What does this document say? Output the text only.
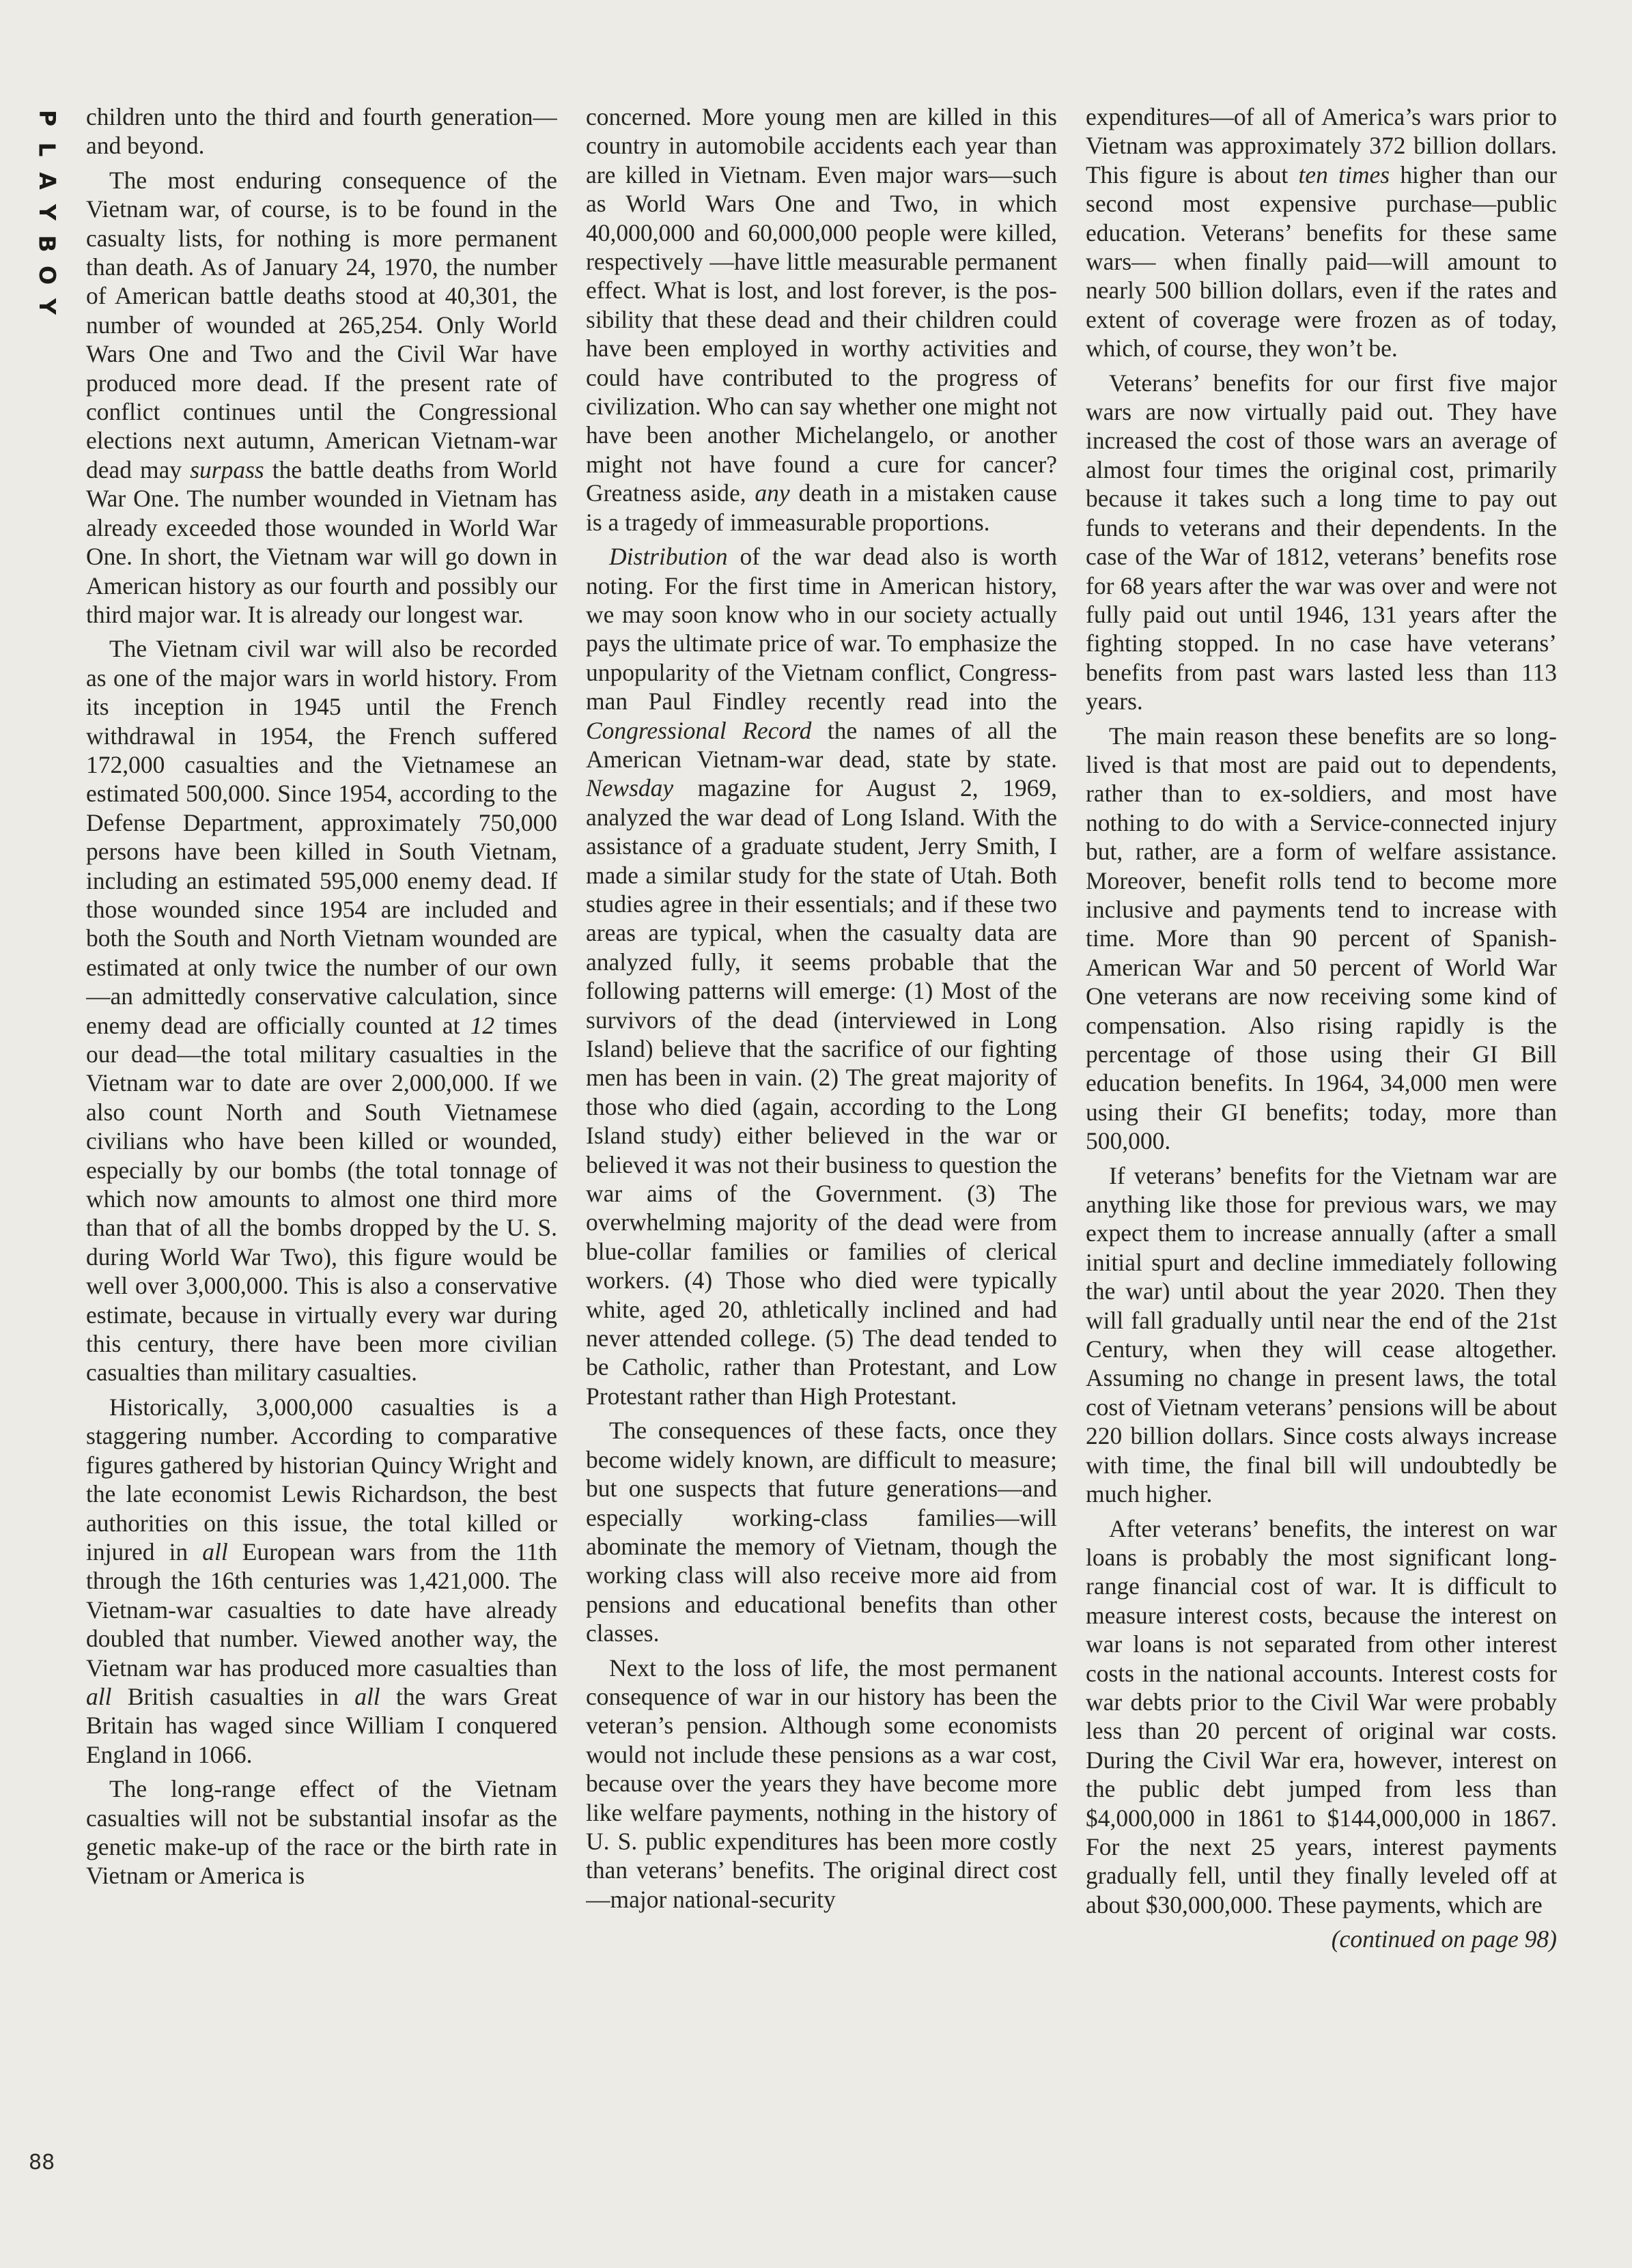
P
L
A
Y
B
O
Y
88

children unto the third and fourth generation—and beyond.

The most enduring consequence of the Vietnam war, of course, is to be found in the casualty lists, for nothing is more permanent than death. As of January 24, 1970, the number of American battle deaths stood at 40,301, the number of wounded at 265,254. Only World Wars One and Two and the Civil War have produced more dead. If the present rate of conflict continues until the Congressional elections next autumn, American Vietnam-war dead may surpass the battle deaths from World War One. The number wounded in Vietnam has already exceeded those wounded in World War One. In short, the Vietnam war will go down in American history as our fourth and possibly our third major war. It is already our longest war.

The Vietnam civil war will also be recorded as one of the major wars in world history. From its inception in 1945 until the French withdrawal in 1954, the French suffered 172,000 casualties and the Vietnamese an estimated 500,000. Since 1954, according to the Defense Department, approximately 750,000 persons have been killed in South Vietnam, including an estimated 595,000 enemy dead. If those wounded since 1954 are included and both the South and North Vietnam wounded are estimated at only twice the number of our own—an admittedly conservative calculation, since enemy dead are officially counted at 12 times our dead—the total military casualties in the Vietnam war to date are over 2,000,000. If we also count North and South Vietnamese civilians who have been killed or wounded, especially by our bombs (the total tonnage of which now amounts to almost one third more than that of all the bombs dropped by the U. S. during World War Two), this figure would be well over 3,000,000. This is also a conservative estimate, because in virtually every war during this century, there have been more civilian casualties than military casualties.

Historically, 3,000,000 casualties is a staggering number. According to comparative figures gathered by historian Quincy Wright and the late economist Lewis Richardson, the best authorities on this issue, the total killed or injured in all European wars from the 11th through the 16th centuries was 1,421,000. The Vietnam-war casualties to date have already doubled that number. Viewed another way, the Vietnam war has produced more casualties than all British casualties in all the wars Great Britain has waged since William I conquered England in 1066.

The long-range effect of the Vietnam casualties will not be substantial insofar as the genetic make-up of the race or the birth rate in Vietnam or America is

concerned. More young men are killed in this country in automobile accidents each year than are killed in Vietnam. Even major wars—such as World Wars One and Two, in which 40,000,000 and 60,000,000 people were killed, respectively —have little measurable permanent effect. What is lost, and lost forever, is the possibility that these dead and their children could have been employed in worthy activities and could have contributed to the progress of civilization. Who can say whether one might not have been another Michelangelo, or another might not have found a cure for cancer? Greatness aside, any death in a mistaken cause is a tragedy of immeasurable proportions.

Distribution of the war dead also is worth noting. For the first time in American history, we may soon know who in our society actually pays the ultimate price of war. To emphasize the unpopularity of the Vietnam conflict, Congressman Paul Findley recently read into the Congressional Record the names of all the American Vietnam-war dead, state by state. Newsday magazine for August 2, 1969, analyzed the war dead of Long Island. With the assistance of a graduate student, Jerry Smith, I made a similar study for the state of Utah. Both studies agree in their essentials; and if these two areas are typical, when the casualty data are analyzed fully, it seems probable that the following patterns will emerge: (1) Most of the survivors of the dead (interviewed in Long Island) believe that the sacrifice of our fighting men has been in vain. (2) The great majority of those who died (again, according to the Long Island study) either believed in the war or believed it was not their business to question the war aims of the Government. (3) The overwhelming majority of the dead were from blue-collar families or families of clerical workers. (4) Those who died were typically white, aged 20, athletically inclined and had never attended college. (5) The dead tended to be Catholic, rather than Protestant, and Low Protestant rather than High Protestant.

The consequences of these facts, once they become widely known, are difficult to measure; but one suspects that future generations—and especially working-class families—will abominate the memory of Vietnam, though the working class will also receive more aid from pensions and educational benefits than other classes.

Next to the loss of life, the most permanent consequence of war in our history has been the veteran’s pension. Although some economists would not include these pensions as a war cost, because over the years they have become more like welfare payments, nothing in the history of U. S. public expenditures has been more costly than veterans’ benefits. The original direct cost—major national-security

expenditures—of all of America’s wars prior to Vietnam was approximately 372 billion dollars. This figure is about ten times higher than our second most expensive purchase—public education. Veterans’ benefits for these same wars— when finally paid—will amount to nearly 500 billion dollars, even if the rates and extent of coverage were frozen as of today, which, of course, they won’t be.

Veterans’ benefits for our first five major wars are now virtually paid out. They have increased the cost of those wars an average of almost four times the original cost, primarily because it takes such a long time to pay out funds to veterans and their dependents. In the case of the War of 1812, veterans’ benefits rose for 68 years after the war was over and were not fully paid out until 1946, 131 years after the fighting stopped. In no case have veterans’ benefits from past wars lasted less than 113 years.

The main reason these benefits are so long-lived is that most are paid out to dependents, rather than to ex-soldiers, and most have nothing to do with a Service-connected injury but, rather, are a form of welfare assistance. Moreover, benefit rolls tend to become more inclusive and payments tend to increase with time. More than 90 percent of Spanish-American War and 50 percent of World War One veterans are now receiving some kind of compensation. Also rising rapidly is the percentage of those using their GI Bill education benefits. In 1964, 34,000 men were using their GI benefits; today, more than 500,000.

If veterans’ benefits for the Vietnam war are anything like those for previous wars, we may expect them to increase annually (after a small initial spurt and decline immediately following the war) until about the year 2020. Then they will fall gradually until near the end of the 21st Century, when they will cease altogether. Assuming no change in present laws, the total cost of Vietnam veterans’ pensions will be about 220 billion dollars. Since costs always increase with time, the final bill will undoubtedly be much higher.

After veterans’ benefits, the interest on war loans is probably the most significant long-range financial cost of war. It is difficult to measure interest costs, because the interest on war loans is not separated from other interest costs in the national accounts. Interest costs for war debts prior to the Civil War were probably less than 20 percent of original war costs. During the Civil War era, however, interest on the public debt jumped from less than $4,000,000 in 1861 to $144,000,000 in 1867. For the next 25 years, interest payments gradually fell, until they finally leveled off at about $30,000,000. These payments, which are

(continued on page 98)
